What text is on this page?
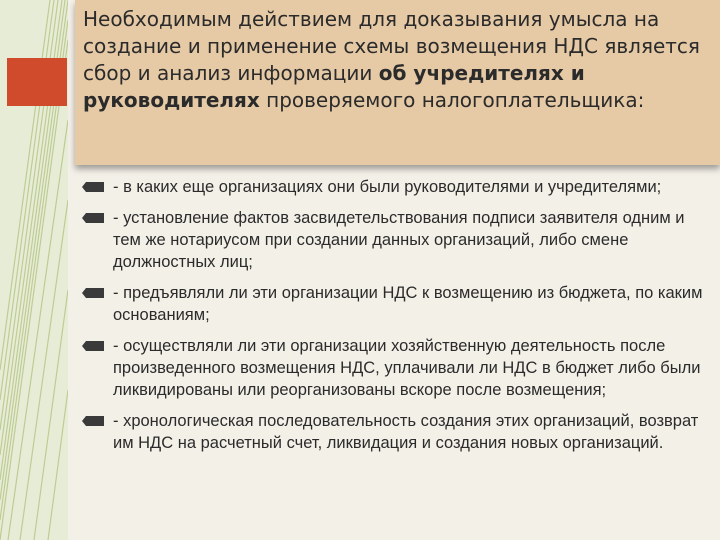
Необходимым действием для доказывания умысла на создание и применение схемы возмещения НДС является сбор и анализ информации об учредителях и руководителях проверяемого налогоплательщика:

- в каких еще организациях они были руководителями и учредителями;
- установление фактов засвидетельствования подписи заявителя одним и тем же нотариусом при создании данных организаций, либо смене должностных лиц;
- предъявляли ли эти организации НДС к возмещению из бюджета, по каким основаниям;
- осуществляли ли эти организации хозяйственную деятельность после произведенного возмещения НДС, уплачивали ли НДС в бюджет либо были ликвидированы или реорганизованы вскоре после возмещения;
- хронологическая последовательность создания этих организаций, возврат им НДС на расчетный счет, ликвидация и создания новых организаций.
